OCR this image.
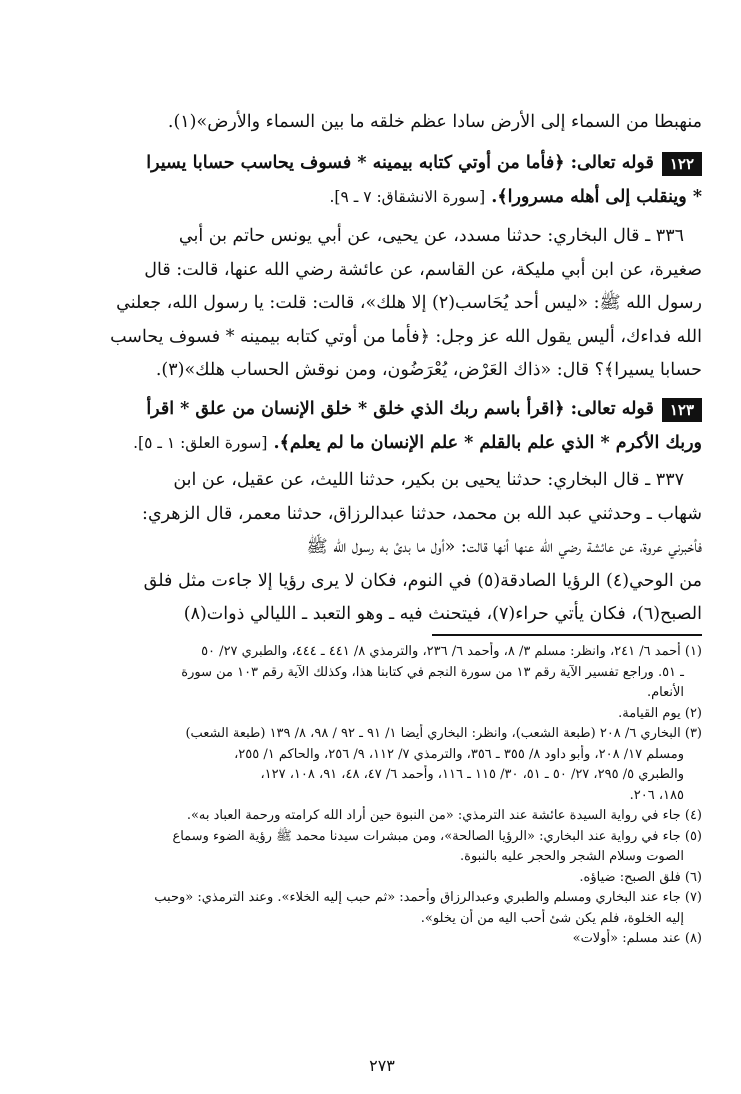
منهبطا من السماء إلى الأرض سادا عظم خلقه ما بين السماء والأرض»(١).
١٢٢قوله تعالى: ﴿فأما من أوتي كتابه بيمينه * فسوف يحاسب حسابا يسيرا
* وينقلب إلى أهله مسرورا﴾. [سورة الانشقاق: ٧ ـ ٩].
٣٣٦ ـ قال البخاري: حدثنا مسدد، عن يحيى، عن أبي يونس حاتم بن أبي
صغيرة، عن ابن أبي مليكة، عن القاسم، عن عائشة رضي الله عنها، قالت: قال
رسول الله ﷺ: «ليس أحد يُحَاسب(٢) إلا هلك»، قالت: قلت: يا رسول الله، جعلني
الله فداءك، أليس يقول الله عز وجل: ﴿فأما من أوتي كتابه بيمينه * فسوف يحاسب
حسابا يسيرا﴾؟ قال: «ذاك العَرْض، يُعْرَضُون، ومن نوقش الحساب هلك»(٣).
١٢٣قوله تعالى: ﴿اقرأ باسم ربك الذي خلق * خلق الإنسان من علق * اقرأ
وربك الأكرم * الذي علم بالقلم * علم الإنسان ما لم يعلم﴾. [سورة العلق: ١ ـ ٥].
٣٣٧ ـ قال البخاري: حدثنا يحيى بن بكير، حدثنا الليث، عن عقيل، عن ابن
شهاب ـ وحدثني عبد الله بن محمد، حدثنا عبدالرزاق، حدثنا معمر، قال الزهري:
فأخبرني عروة، عن عائشة رضي الله عنها أنها قالت: «أول ما بدئ به رسول الله ﷺ
من الوحي(٤) الرؤيا الصادقة(٥) في النوم، فكان لا يرى رؤيا إلا جاءت مثل فلق
الصبح(٦)، فكان يأتي حراء(٧)، فيتحنث فيه ـ وهو التعبد ـ الليالي ذوات(٨)
(١) أحمد ٦/ ٢٤١، وانظر: مسلم ٣/ ٨، وأحمد ٦/ ٢٣٦، والترمذي ٨/ ٤٤١ ـ ٤٤٤، والطبري ٢٧/ ٥٠
ـ ٥١. وراجع تفسير الآية رقم ١٣ من سورة النجم في كتابنا هذا، وكذلك الآية رقم ١٠٣ من سورة
الأنعام.
(٢) يوم القيامة.
(٣) البخاري ٦/ ٢٠٨ (طبعة الشعب)، وانظر: البخاري أيضا ١/ ٩١ ـ ٩٢ / ٩٨، ٨/ ١٣٩ (طبعة الشعب)
ومسلم ١٧/ ٢٠٨، وأبو داود ٨/ ٣٥٥ ـ ٣٥٦، والترمذي ٧/ ١١٢، ٩/ ٢٥٦، والحاكم ١/ ٢٥٥،
والطبري ٥/ ٢٩٥، ٢٧/ ٥٠ ـ ٥١، ٣٠/ ١١٥ ـ ١١٦، وأحمد ٦/ ٤٧، ٤٨، ٩١، ١٠٨، ١٢٧،
١٨٥، ٢٠٦.
(٤) جاء في رواية السيدة عائشة عند الترمذي: «من النبوة حين أراد الله كرامته ورحمة العباد به».
(٥) جاء في رواية عند البخاري: «الرؤيا الصالحة»، ومن مبشرات سيدنا محمد ﷺ رؤية الضوء وسماع
الصوت وسلام الشجر والحجر عليه بالنبوة.
(٦) فلق الصبح: ضياؤه.
(٧) جاء عند البخاري ومسلم والطبري وعبدالرزاق وأحمد: «ثم حبب إليه الخلاء». وعند الترمذي: «وحبب
إليه الخلوة، فلم يكن شئ أحب اليه من أن يخلو».
(٨) عند مسلم: «أولات»
٢٧٣
